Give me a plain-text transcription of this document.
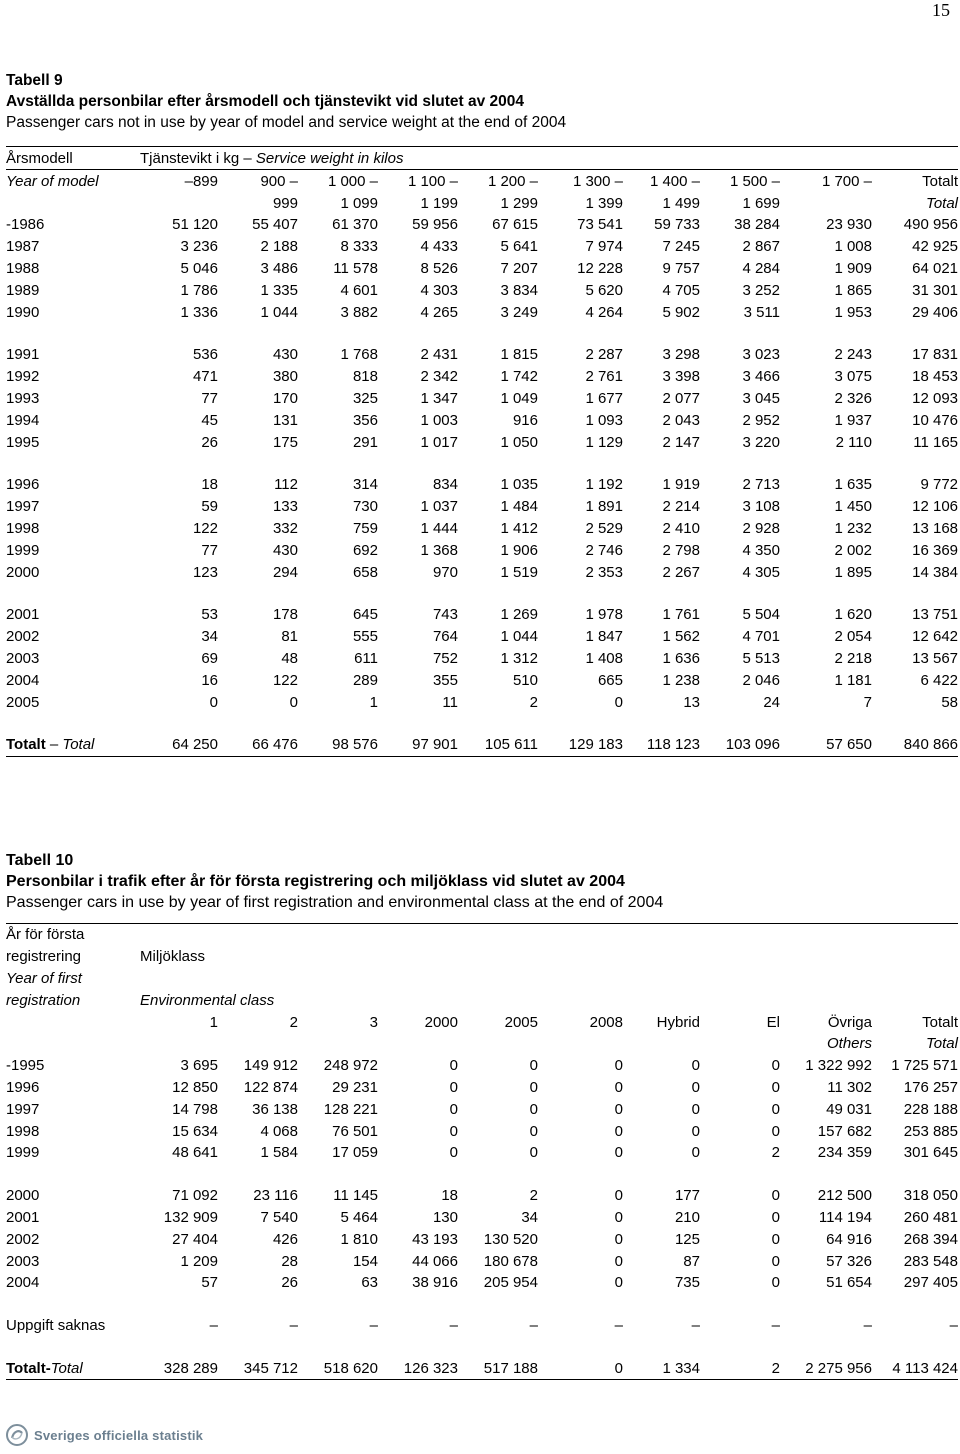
15
Tabell 9
Avställda personbilar efter årsmodell och tjänstevikt vid slutet av 2004
Passenger cars not in use by year of model and service weight at the end of 2004
Årsmodell	Tjänstevikt i kg – Service weight in kilos									
Year of model	–899	900 –	1 000 –	1 100 –	1 200 –	1 300 –	1 400 –	1 500 –	1 700 –	Totalt
		999	1 099	1 199	1 299	1 399	1 499	1 699		Total
-1986	51 120	55 407	61 370	59 956	67 615	73 541	59 733	38 284	23 930	490 956
1987	3 236	2 188	8 333	4 433	5 641	7 974	7 245	2 867	1 008	42 925
1988	5 046	3 486	11 578	8 526	7 207	12 228	9 757	4 284	1 909	64 021
1989	1 786	1 335	4 601	4 303	3 834	5 620	4 705	3 252	1 865	31 301
1990	1 336	1 044	3 882	4 265	3 249	4 264	5 902	3 511	1 953	29 406

1991	536	430	1 768	2 431	1 815	2 287	3 298	3 023	2 243	17 831
1992	471	380	818	2 342	1 742	2 761	3 398	3 466	3 075	18 453
1993	77	170	325	1 347	1 049	1 677	2 077	3 045	2 326	12 093
1994	45	131	356	1 003	916	1 093	2 043	2 952	1 937	10 476
1995	26	175	291	1 017	1 050	1 129	2 147	3 220	2 110	11 165

1996	18	112	314	834	1 035	1 192	1 919	2 713	1 635	9 772
1997	59	133	730	1 037	1 484	1 891	2 214	3 108	1 450	12 106
1998	122	332	759	1 444	1 412	2 529	2 410	2 928	1 232	13 168
1999	77	430	692	1 368	1 906	2 746	2 798	4 350	2 002	16 369
2000	123	294	658	970	1 519	2 353	2 267	4 305	1 895	14 384

2001	53	178	645	743	1 269	1 978	1 761	5 504	1 620	13 751
2002	34	81	555	764	1 044	1 847	1 562	4 701	2 054	12 642
2003	69	48	611	752	1 312	1 408	1 636	5 513	2 218	13 567
2004	16	122	289	355	510	665	1 238	2 046	1 181	6 422
2005	0	0	1	11	2	0	13	24	7	58

Totalt – Total	64 250	66 476	98 576	97 901	105 611	129 183	118 123	103 096	57 650	840 866

Tabell 10
Personbilar i trafik efter år för första registrering och miljöklass vid slutet av 2004
Passenger cars in use by year of first registration and environmental class at the end of 2004
År för första										
registrering	Miljöklass									
Year of first										
registration	Environmental class									
	1	2	3	2000	2005	2008	Hybrid	El	Övriga	Totalt
									Others	Total
-1995	3 695	149 912	248 972	0	0	0	0	0	1 322 992	1 725 571
1996	12 850	122 874	29 231	0	0	0	0	0	11 302	176 257
1997	14 798	36 138	128 221	0	0	0	0	0	49 031	228 188
1998	15 634	4 068	76 501	0	0	0	0	0	157 682	253 885
1999	48 641	1 584	17 059	0	0	0	0	2	234 359	301 645

2000	71 092	23 116	11 145	18	2	0	177	0	212 500	318 050
2001	132 909	7 540	5 464	130	34	0	210	0	114 194	260 481
2002	27 404	426	1 810	43 193	130 520	0	125	0	64 916	268 394
2003	1 209	28	154	44 066	180 678	0	87	0	57 326	283 548
2004	57	26	63	38 916	205 954	0	735	0	51 654	297 405

Uppgift saknas	–	–	–	–	–	–	–	–	–	–

Totalt-Total	328 289	345 712	518 620	126 323	517 188	0	1 334	2	2 275 956	4 113 424

Sveriges officiella statistik
